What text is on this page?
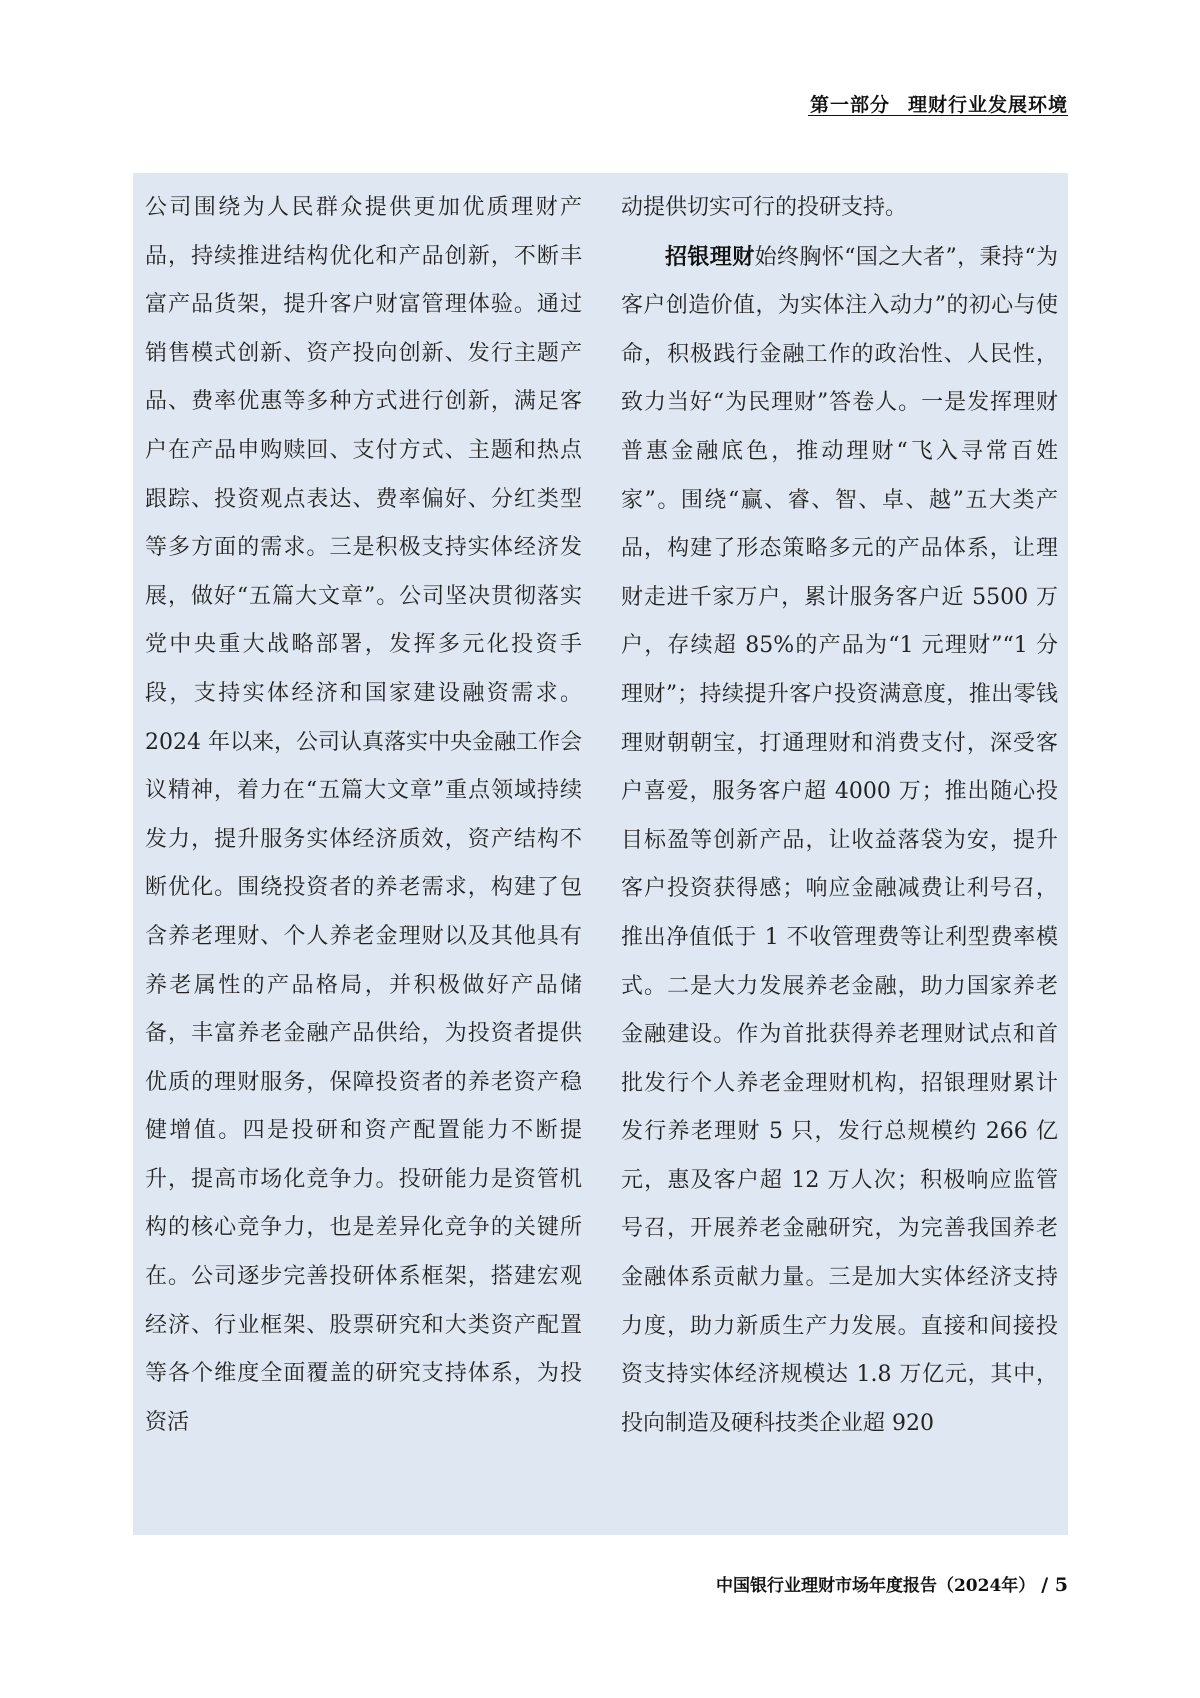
第一部分 理财行业发展环境

公司围绕为人民群众提供更加优质理财产品，持续推进结构优化和产品创新，不断丰富产品货架，提升客户财富管理体验。通过销售模式创新、资产投向创新、发行主题产品、费率优惠等多种方式进行创新，满足客户在产品申购赎回、支付方式、主题和热点跟踪、投资观点表达、费率偏好、分红类型等多方面的需求。三是积极支持实体经济发展，做好“五篇大文章”。公司坚决贯彻落实党中央重大战略部署，发挥多元化投资手段，支持实体经济和国家建设融资需求。2024 年以来，公司认真落实中央金融工作会议精神，着力在“五篇大文章”重点领域持续发力，提升服务实体经济质效，资产结构不断优化。围绕投资者的养老需求，构建了包含养老理财、个人养老金理财以及其他具有养老属性的产品格局，并积极做好产品储备，丰富养老金融产品供给，为投资者提供优质的理财服务，保障投资者的养老资产稳健增值。四是投研和资产配置能力不断提升，提高市场化竞争力。投研能力是资管机构的核心竞争力，也是差异化竞争的关键所在。公司逐步完善投研体系框架，搭建宏观经济、行业框架、股票研究和大类资产配置等各个维度全面覆盖的研究支持体系，为投资活

动提供切实可行的投研支持。

招银理财始终胸怀“国之大者”，秉持“为客户创造价值，为实体注入动力”的初心与使命，积极践行金融工作的政治性、人民性，致力当好“为民理财”答卷人。一是发挥理财普惠金融底色，推动理财“飞入寻常百姓家”。围绕“赢、睿、智、卓、越”五大类产品，构建了形态策略多元的产品体系，让理财走进千家万户，累计服务客户近 5500 万户，存续超 85%的产品为“1 元理财”“1 分理财”；持续提升客户投资满意度，推出零钱理财朝朝宝，打通理财和消费支付，深受客户喜爱，服务客户超 4000 万；推出随心投目标盈等创新产品，让收益落袋为安，提升客户投资获得感；响应金融减费让利号召，推出净值低于 1 不收管理费等让利型费率模式。二是大力发展养老金融，助力国家养老金融建设。作为首批获得养老理财试点和首批发行个人养老金理财机构，招银理财累计发行养老理财 5 只，发行总规模约 266 亿元，惠及客户超 12 万人次；积极响应监管号召，开展养老金融研究，为完善我国养老金融体系贡献力量。三是加大实体经济支持力度，助力新质生产力发展。直接和间接投资支持实体经济规模达 1.8 万亿元，其中，投向制造及硬科技类企业超 920

中国银行业理财市场年度报告（2024年） / 5
